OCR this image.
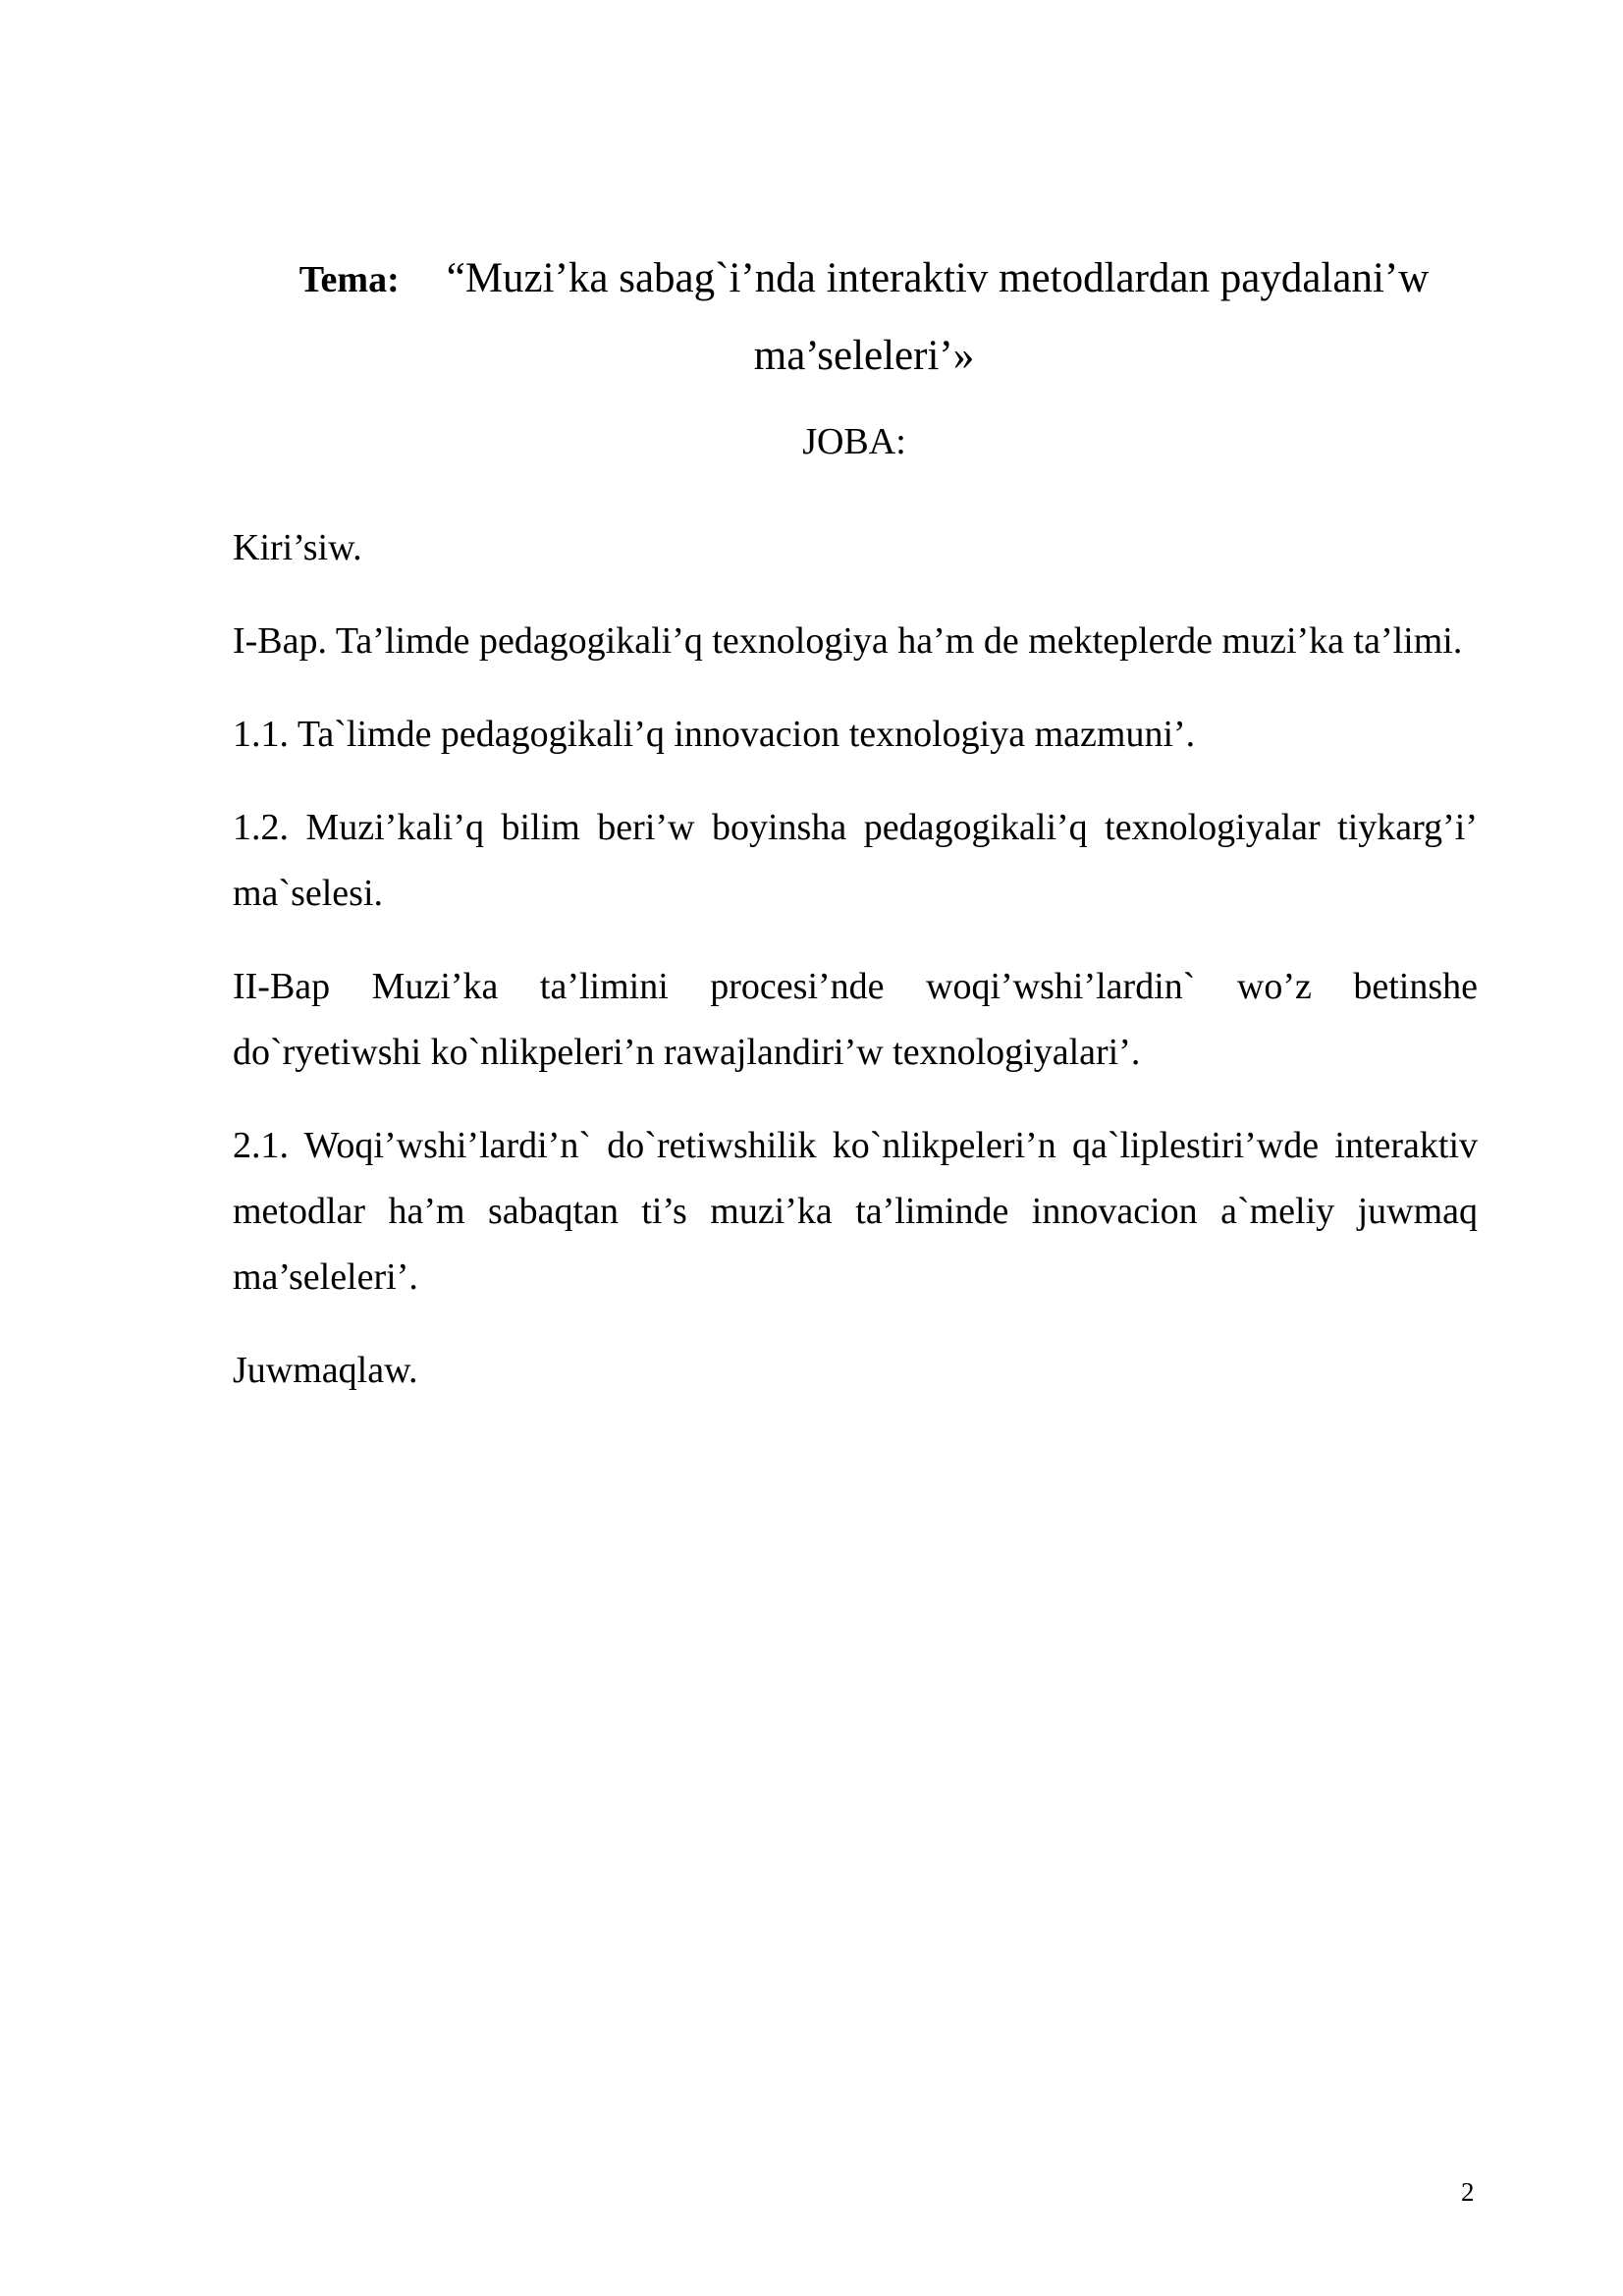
Tema: “Muzi’ka sabag`i’nda interaktiv metodlardan paydalani’w ma’seleleri’»
JOBA:

Kiri’siw.

I-Bap. Ta’limde pedagogikali’q texnologiya ha’m de mekteplerde muzi’ka ta’limi.

1.1. Ta`limde pedagogikali’q innovacion texnologiya mazmuni’.

1.2. Muzi’kali’q bilim beri’w boyinsha pedagogikali’q texnologiyalar tiykarg’i’ ma`selesi.

II-Bap Muzi’ka ta’limini procesi’nde woqi’wshi’lardin` wo’z betinshe do`ryetiwshi ko`nlikpeleri’n rawajlandiri’w texnologiyalari’.

2.1. Woqi’wshi’lardi’n` do`retiwshilik ko`nlikpeleri’n qa`liplestiri’wde interaktiv metodlar ha’m sabaqtan ti’s muzi’ka ta’liminde innovacion a`meliy juwmaq ma’seleleri’.

Juwmaqlaw.

2
